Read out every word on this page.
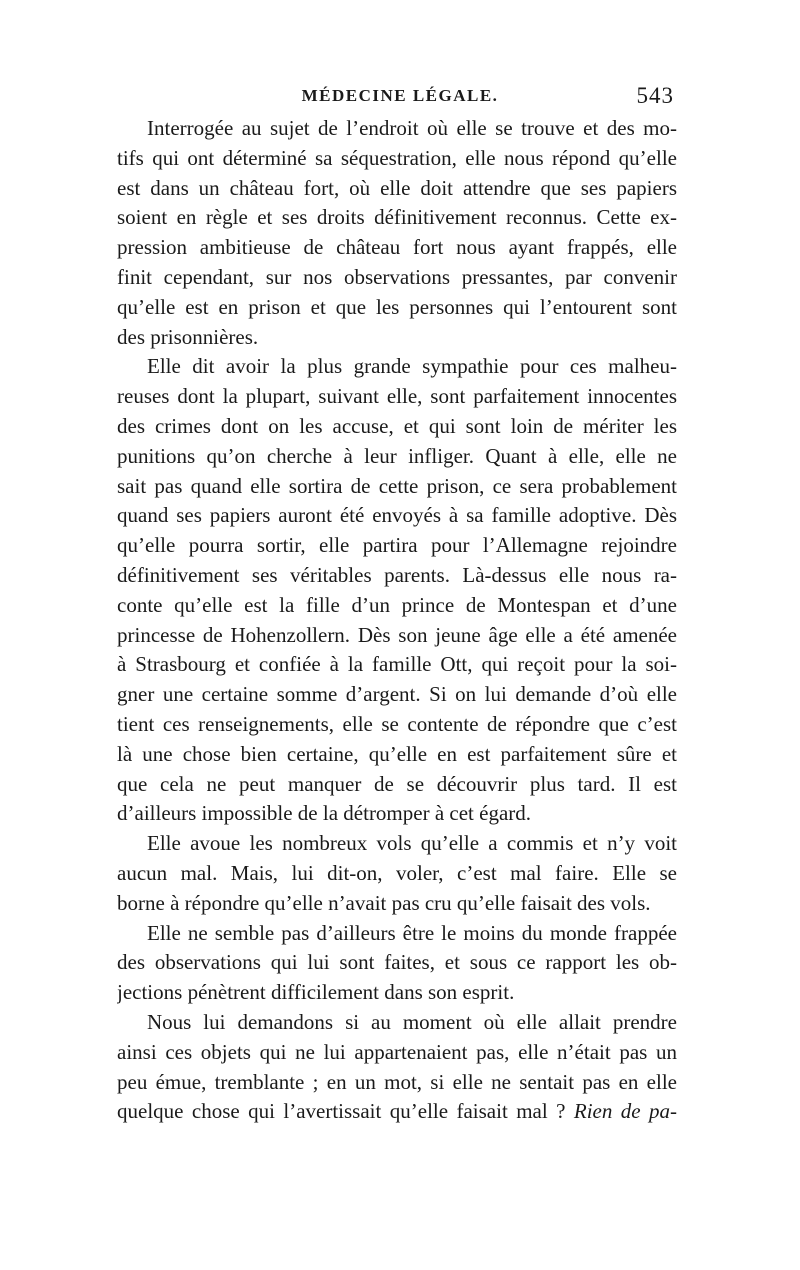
MÉDECINE LÉGALE.	543
Interrogée au sujet de l’endroit où elle se trouve et des mo-
tifs qui ont déterminé sa séquestration, elle nous répond qu’elle
est dans un château fort, où elle doit attendre que ses papiers
soient en règle et ses droits définitivement reconnus. Cette ex-
pression ambitieuse de château fort nous ayant frappés, elle
finit cependant, sur nos observations pressantes, par convenir
qu’elle est en prison et que les personnes qui l’entourent sont
des prisonnières.
Elle dit avoir la plus grande sympathie pour ces malheu-
reuses dont la plupart, suivant elle, sont parfaitement innocentes
des crimes dont on les accuse, et qui sont loin de mériter les
punitions qu’on cherche à leur infliger. Quant à elle, elle ne
sait pas quand elle sortira de cette prison, ce sera probablement
quand ses papiers auront été envoyés à sa famille adoptive. Dès
qu’elle pourra sortir, elle partira pour l’Allemagne rejoindre
définitivement ses véritables parents. Là-dessus elle nous ra-
conte qu’elle est la fille d’un prince de Montespan et d’une
princesse de Hohenzollern. Dès son jeune âge elle a été amenée
à Strasbourg et confiée à la famille Ott, qui reçoit pour la soi-
gner une certaine somme d’argent. Si on lui demande d’où elle
tient ces renseignements, elle se contente de répondre que c’est
là une chose bien certaine, qu’elle en est parfaitement sûre et
que cela ne peut manquer de se découvrir plus tard. Il est
d’ailleurs impossible de la détromper à cet égard.
Elle avoue les nombreux vols qu’elle a commis et n’y voit
aucun mal. Mais, lui dit-on, voler, c’est mal faire. Elle se
borne à répondre qu’elle n’avait pas cru qu’elle faisait des vols.
Elle ne semble pas d’ailleurs être le moins du monde frappée
des observations qui lui sont faites, et sous ce rapport les ob-
jections pénètrent difficilement dans son esprit.
Nous lui demandons si au moment où elle allait prendre
ainsi ces objets qui ne lui appartenaient pas, elle n’était pas un
peu émue, tremblante ; en un mot, si elle ne sentait pas en elle
quelque chose qui l’avertissait qu’elle faisait mal ? Rien de pa-
